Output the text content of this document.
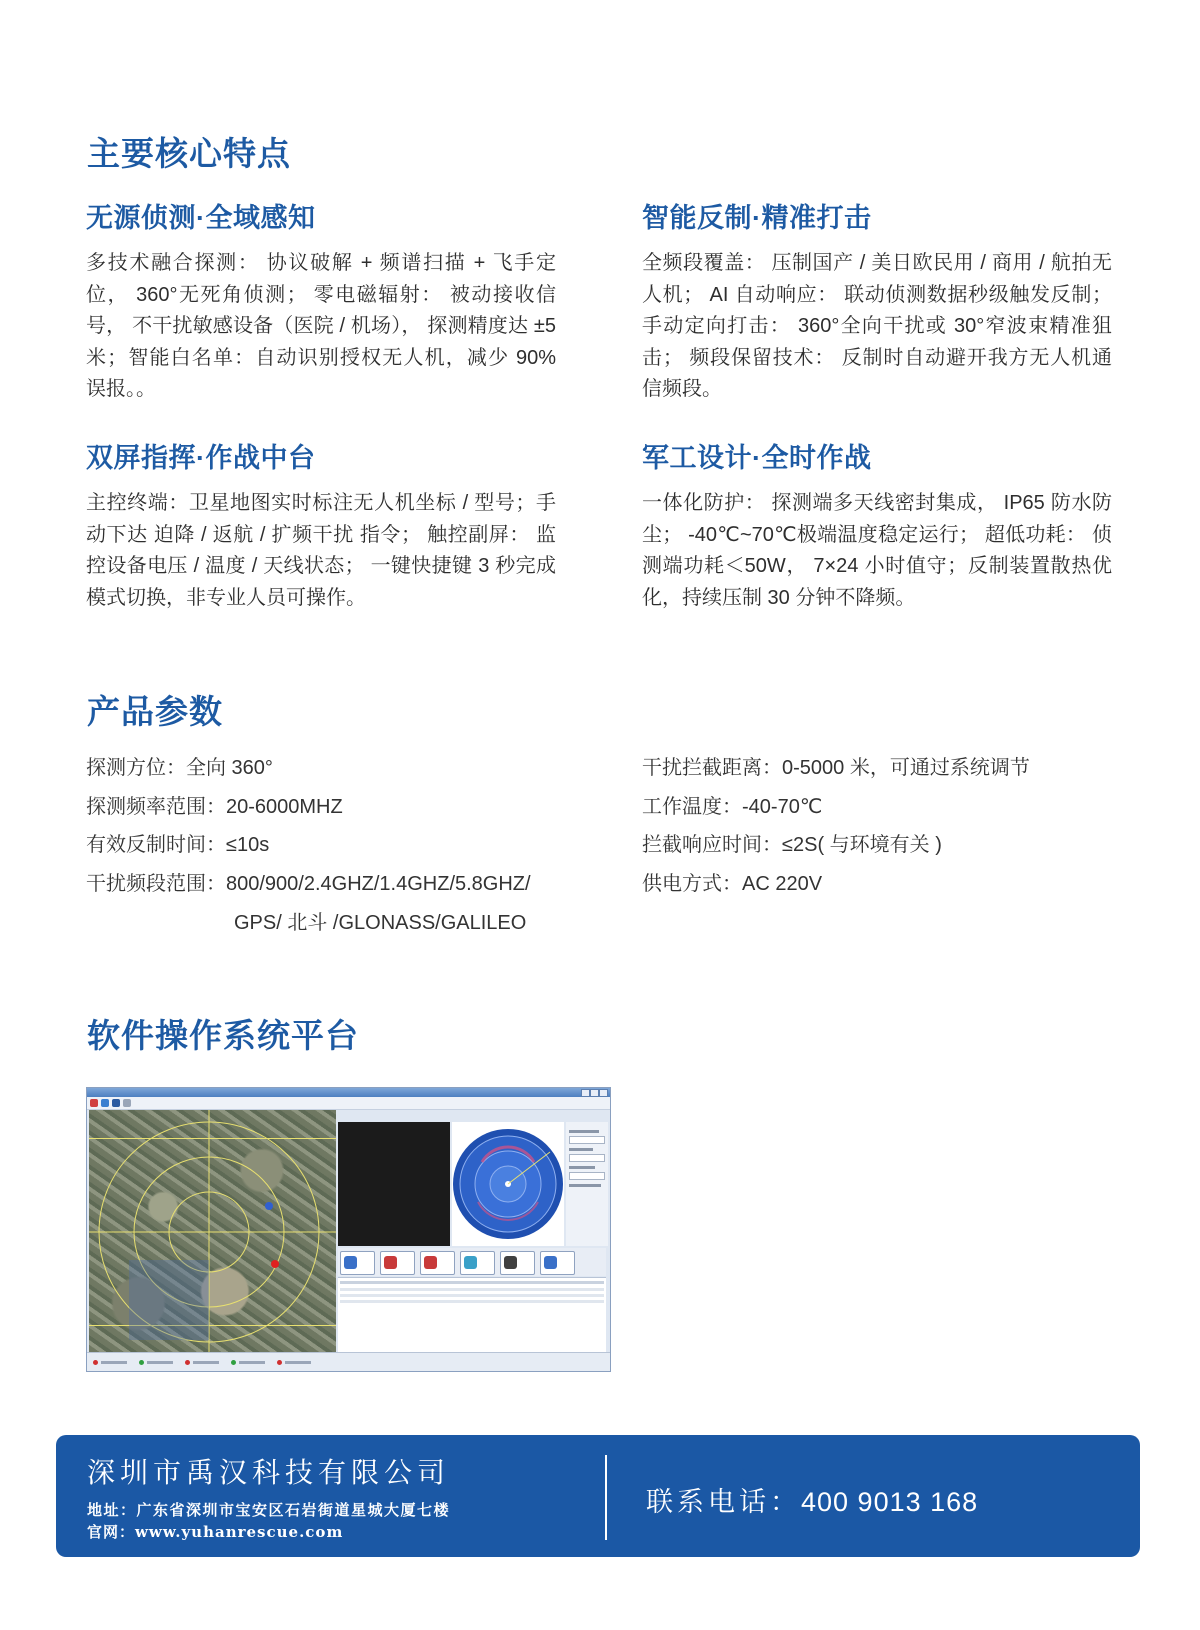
主要核心特点
无源侦测·全域感知

多技术融合探测： 协议破解 + 频谱扫描 + 飞手定位， 360°无死角侦测； 零电磁辐射： 被动接收信号， 不干扰敏感设备（医院 / 机场）， 探测精度达 ±5 米；智能白名单：自动识别授权无人机，减少 90% 误报。。

智能反制·精准打击

全频段覆盖： 压制国产 / 美日欧民用 / 商用 / 航拍无人机； AI 自动响应： 联动侦测数据秒级触发反制； 手动定向打击： 360°全向干扰或 30°窄波束精准狙击； 频段保留技术： 反制时自动避开我方无人机通信频段。

双屏指挥·作战中台

主控终端：卫星地图实时标注无人机坐标 / 型号；手动下达 迫降 / 返航 / 扩频干扰 指令； 触控副屏： 监控设备电压 / 温度 / 天线状态； 一键快捷键 3 秒完成模式切换，非专业人员可操作。

军工设计·全时作战

一体化防护： 探测端多天线密封集成， IP65 防水防尘； -40℃~70℃极端温度稳定运行； 超低功耗： 侦测端功耗＜50W， 7×24 小时值守；反制装置散热优化，持续压制 30 分钟不降频。

产品参数
探测方位： 全向 360°
探测频率范围： 20-6000MHZ
有效反制时间： ≤10s
干扰频段范围： 800/900/2.4GHZ/1.4GHZ/5.8GHZ/
GPS/ 北斗 /GLONASS/GALILEO
干扰拦截距离： 0-5000 米，可通过系统调节
工作温度： -40-70℃
拦截响应时间： ≤2S( 与环境有关 )
供电方式： AC 220V
软件操作系统平台
深圳市禹汉科技有限公司
地址：广东省深圳市宝安区石岩街道星城大厦七楼
官网：www.yuhanrescue.com
联系电话：400 9013 168
